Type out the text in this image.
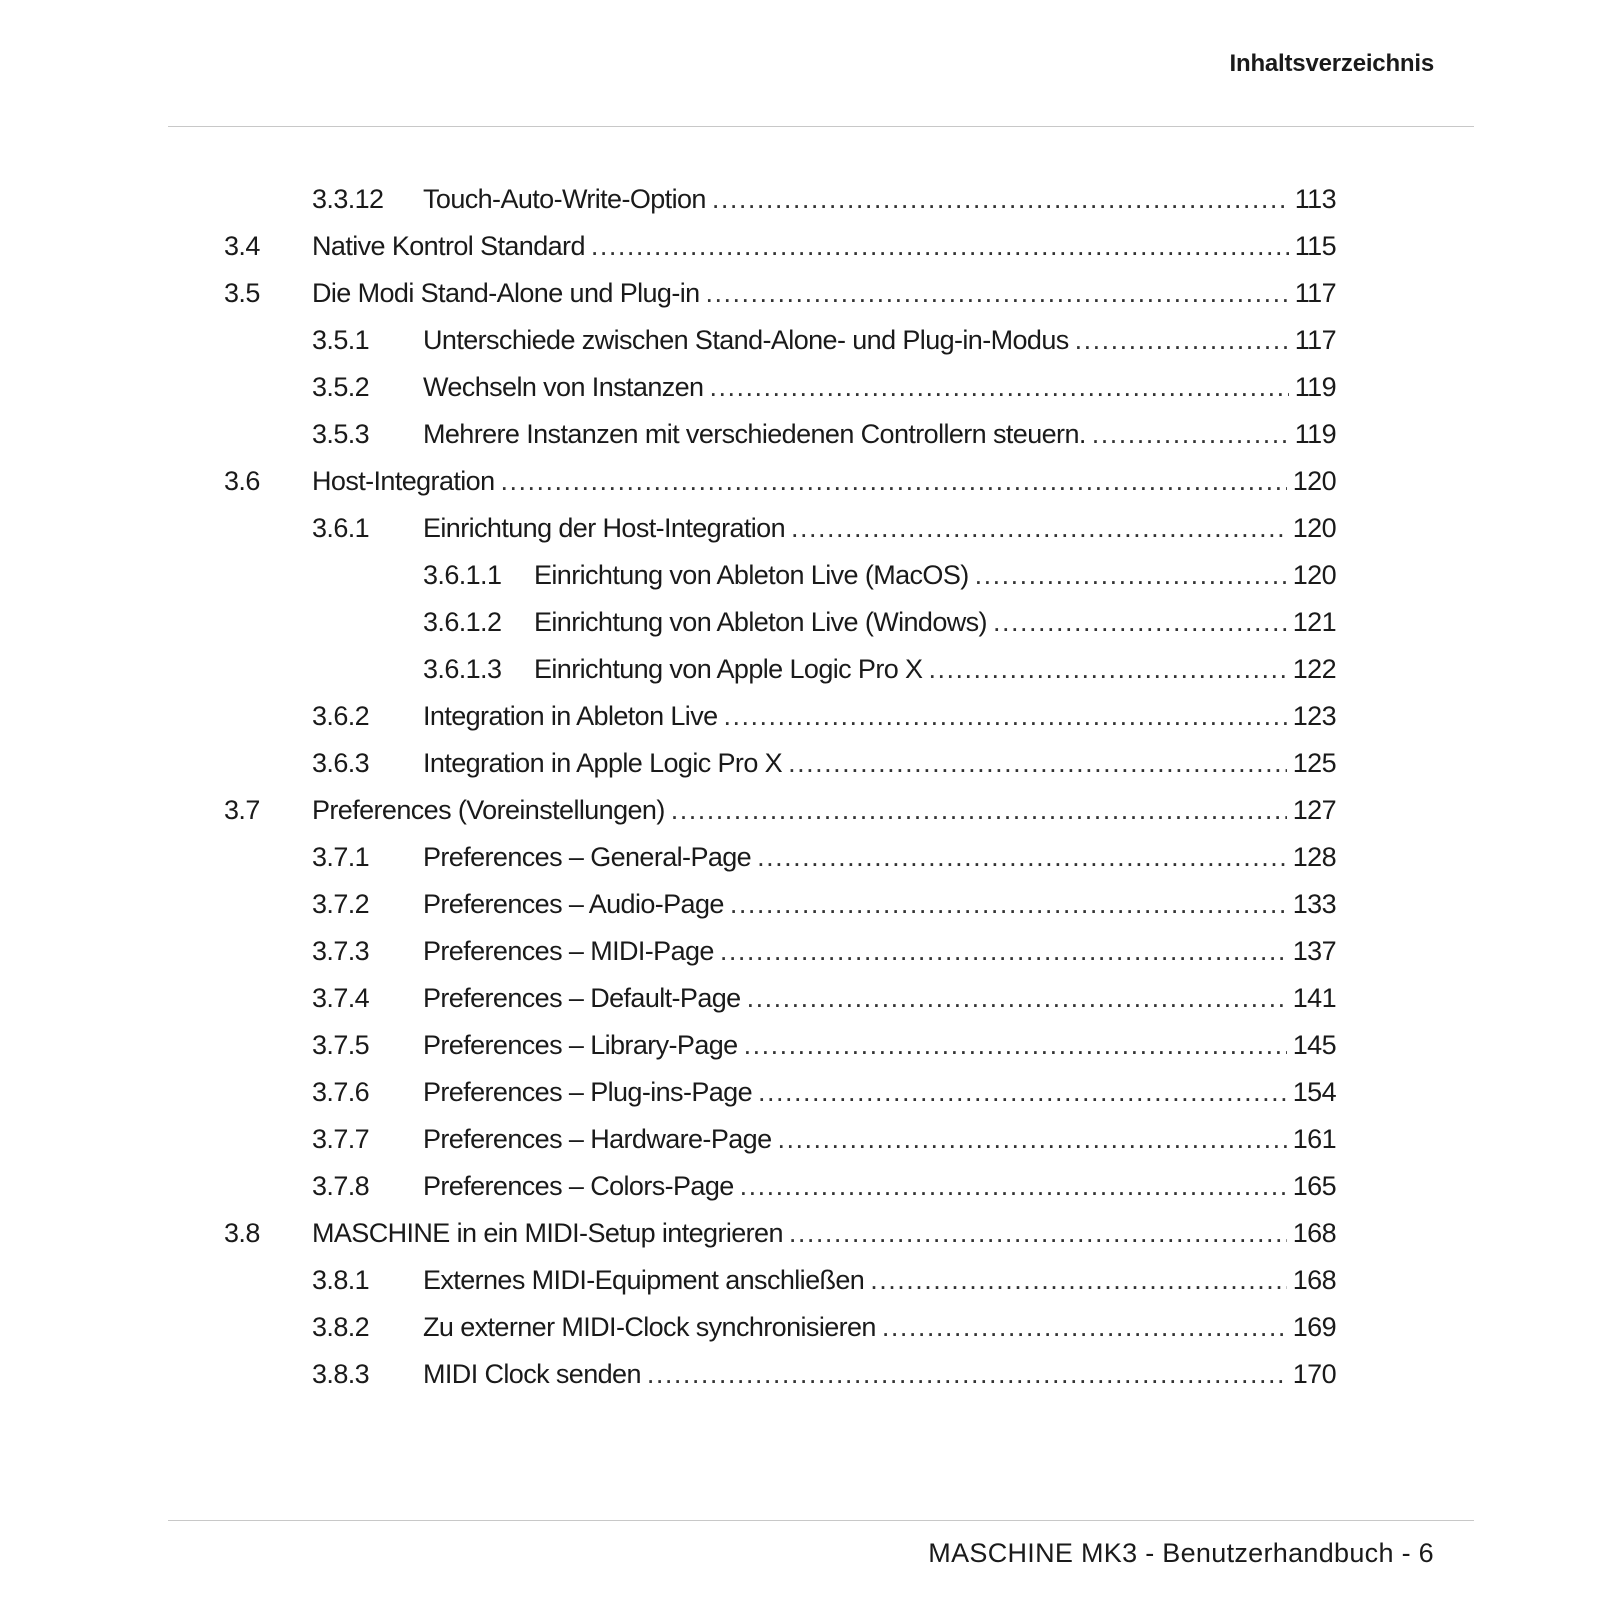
Inhaltsverzeichnis
3.3.12 Touch-Auto-Write-Option .....	113
3.4 Native Kontrol Standard .....	115
3.5 Die Modi Stand-Alone und Plug-in .....	117
3.5.1 Unterschiede zwischen Stand-Alone- und Plug-in-Modus .....	117
3.5.2 Wechseln von Instanzen .....	119
3.5.3 Mehrere Instanzen mit verschiedenen Controllern steuern. .....	119
3.6 Host-Integration .....	120
3.6.1 Einrichtung der Host-Integration .....	120
3.6.1.1 Einrichtung von Ableton Live (MacOS) .....	120
3.6.1.2 Einrichtung von Ableton Live (Windows) .....	121
3.6.1.3 Einrichtung von Apple Logic Pro X .....	122
3.6.2 Integration in Ableton Live .....	123
3.6.3 Integration in Apple Logic Pro X .....	125
3.7 Preferences (Voreinstellungen) .....	127
3.7.1 Preferences – General-Page .....	128
3.7.2 Preferences – Audio-Page .....	133
3.7.3 Preferences – MIDI-Page .....	137
3.7.4 Preferences – Default-Page .....	141
3.7.5 Preferences – Library-Page .....	145
3.7.6 Preferences – Plug-ins-Page .....	154
3.7.7 Preferences – Hardware-Page .....	161
3.7.8 Preferences – Colors-Page .....	165
3.8 MASCHINE in ein MIDI-Setup integrieren .....	168
3.8.1 Externes MIDI-Equipment anschließen .....	168
3.8.2 Zu externer MIDI-Clock synchronisieren .....	169
3.8.3 MIDI Clock senden .....	170
MASCHINE MK3 - Benutzerhandbuch - 6
